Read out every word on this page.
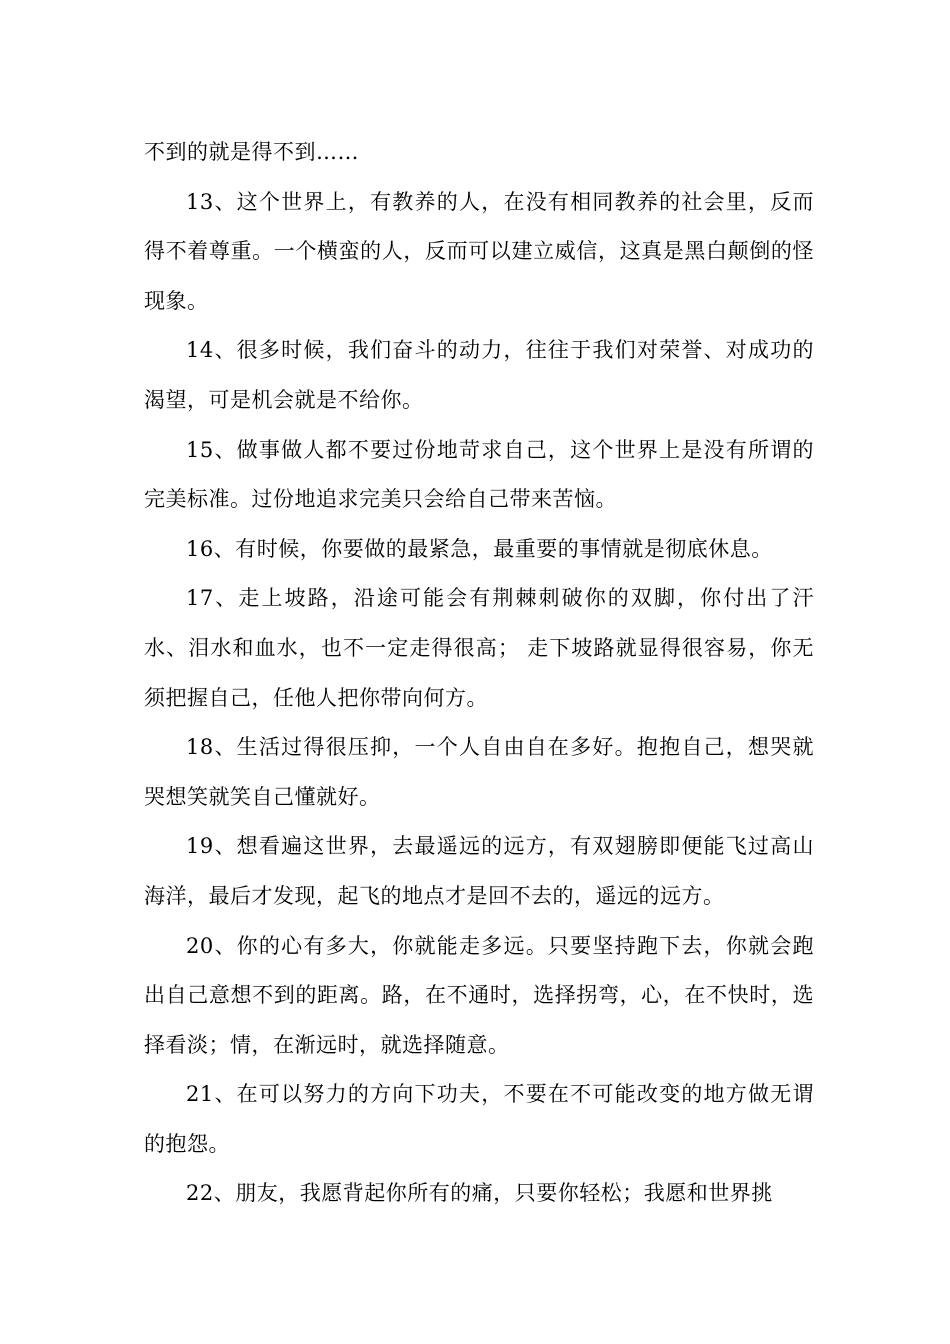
不到的就是得不到……

13、这个世界上，有教养的人，在没有相同教养的社会里，反而得不着尊重。一个横蛮的人，反而可以建立威信，这真是黑白颠倒的怪现象。

14、很多时候，我们奋斗的动力，往往于我们对荣誉、对成功的渴望，可是机会就是不给你。

15、做事做人都不要过份地苛求自己，这个世界上是没有所谓的完美标准。过份地追求完美只会给自己带来苦恼。

16、有时候，你要做的最紧急，最重要的事情就是彻底休息。

17、走上坡路，沿途可能会有荆棘刺破你的双脚，你付出了汗水、泪水和血水，也不一定走得很高； 走下坡路就显得很容易，你无须把握自己，任他人把你带向何方。

18、生活过得很压抑，一个人自由自在多好。抱抱自己，想哭就哭想笑就笑自己懂就好。

19、想看遍这世界，去最遥远的远方，有双翅膀即便能飞过高山海洋，最后才发现，起飞的地点才是回不去的，遥远的远方。

20、你的心有多大，你就能走多远。只要坚持跑下去，你就会跑出自己意想不到的距离。路，在不通时，选择拐弯，心，在不快时，选择看淡；情，在渐远时，就选择随意。

21、在可以努力的方向下功夫，不要在不可能改变的地方做无谓的抱怨。

22、朋友，我愿背起你所有的痛，只要你轻松；我愿和世界挑
